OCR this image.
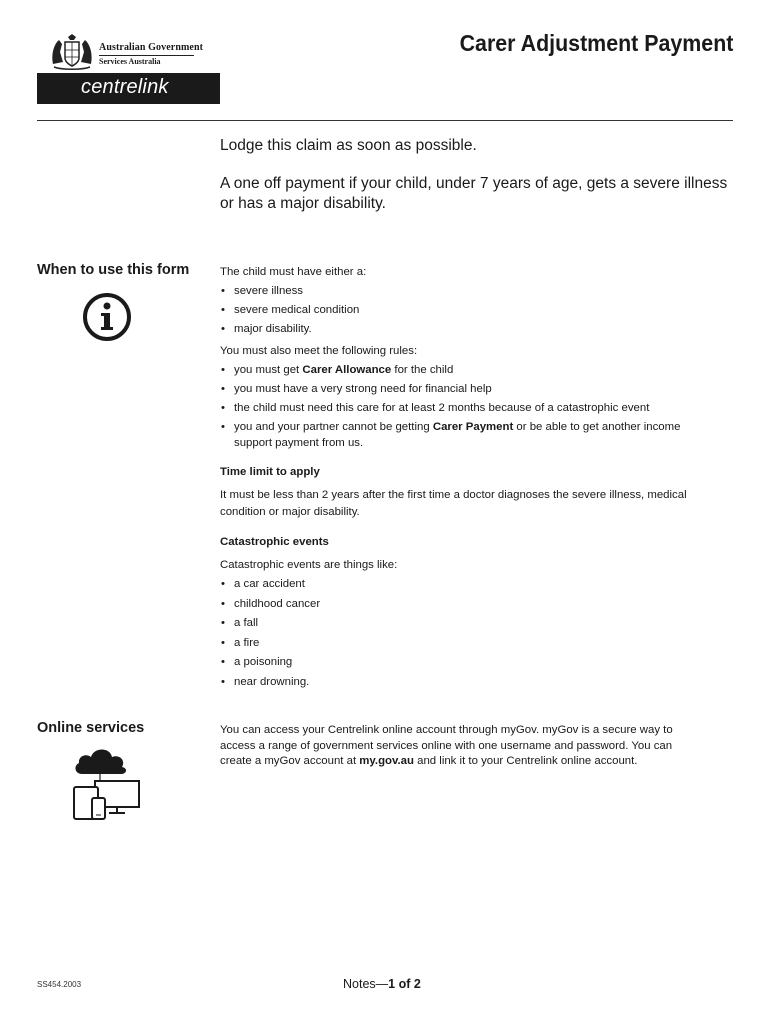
Australian Government
Services Australia
centrelink
Carer Adjustment Payment
Lodge this claim as soon as possible.
A one off payment if your child, under 7 years of age, gets a severe illness or has a major disability.
When to use this form	The child must have either a:

• severe illness
• severe medical condition
• major disability.

You must also meet the following rules:

• you must get Carer Allowance for the child
• you must have a very strong need for financial help
• the child must need this care for at least 2 months because of a catastrophic event
• you and your partner cannot be getting Carer Payment or be able to get another income support payment from us.

Time limit to apply

It must be less than 2 years after the first time a doctor diagnoses the severe illness, medical condition or major disability.

Catastrophic events

Catastrophic events are things like:

• a car accident
• childhood cancer
• a fall
• a fire
• a poisoning
• near drowning.
Online services	You can access your Centrelink online account through myGov. myGov is a secure way to access a range of government services online with one username and password. You can create a myGov account at my.gov.au and link it to your Centrelink online account.

SS454.2003	Notes—1 of 2
